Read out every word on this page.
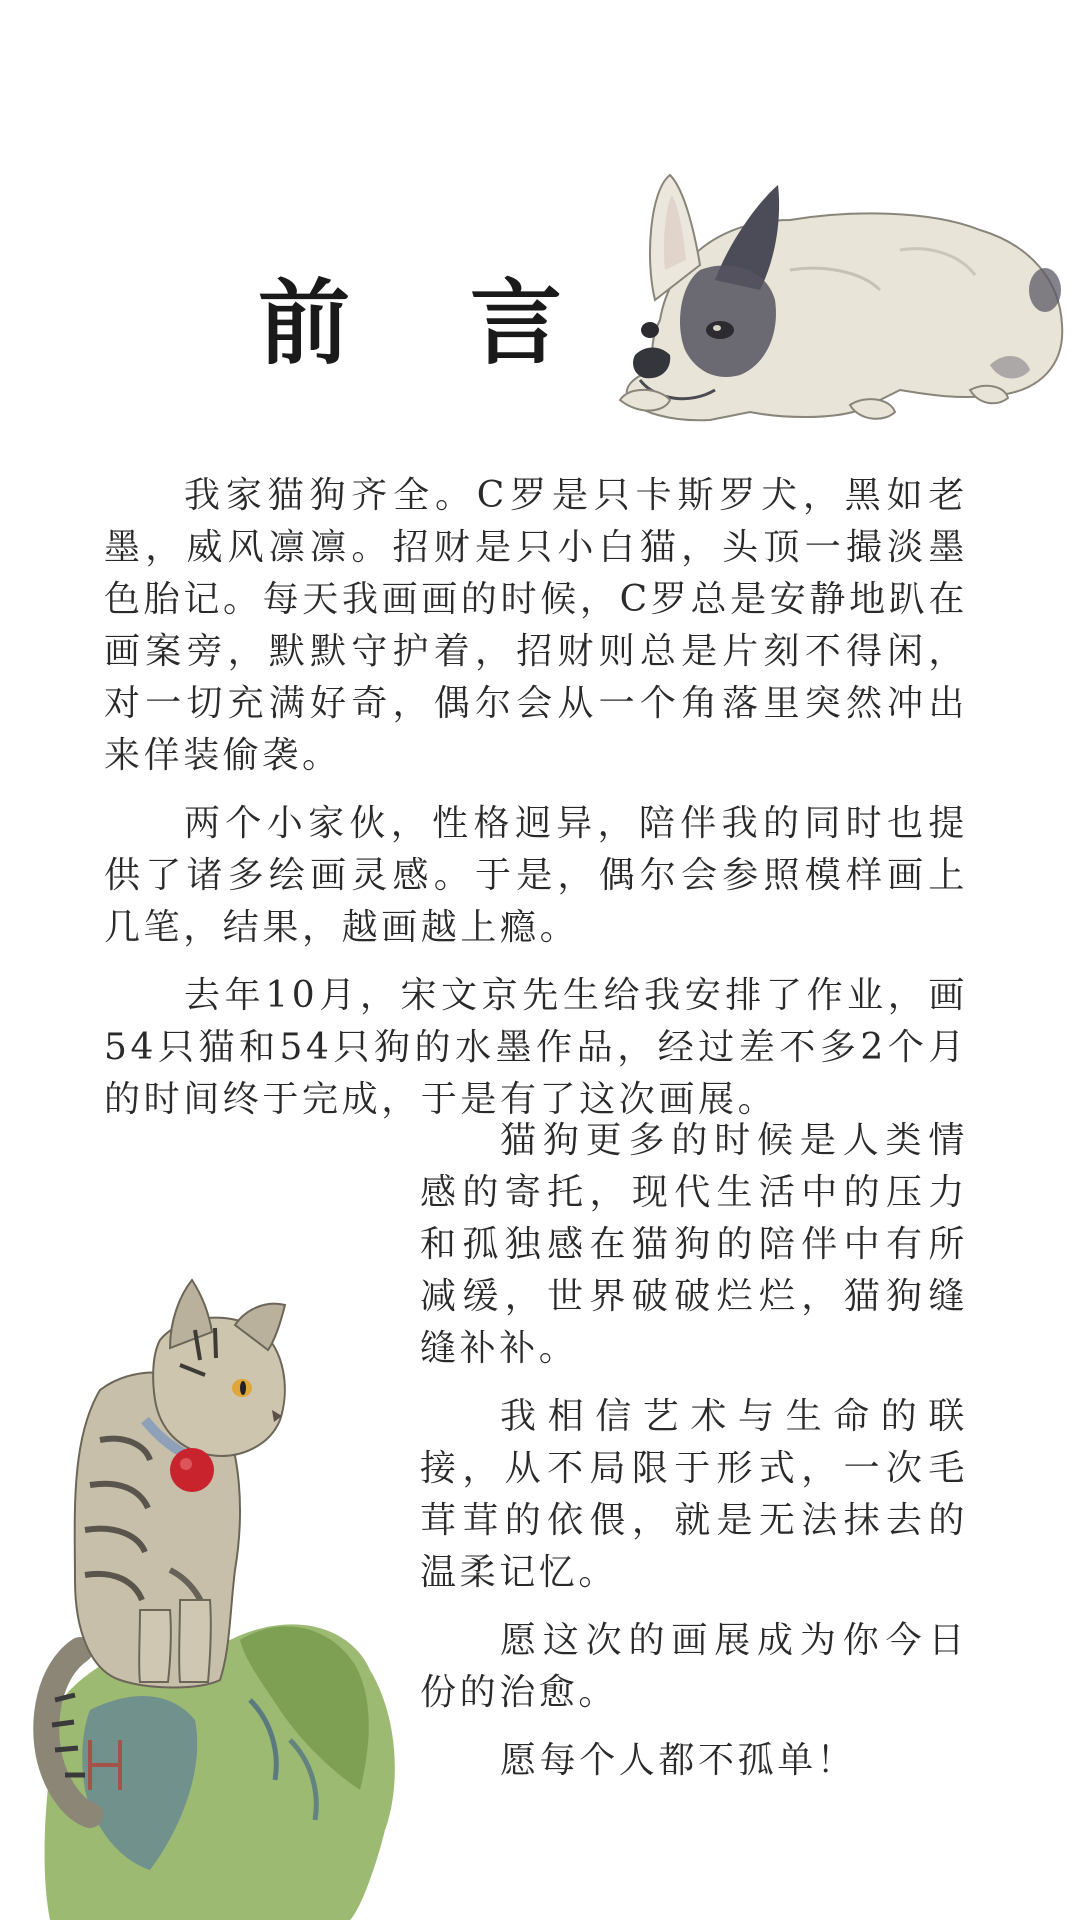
前 言

我家猫狗齐全。C罗是只卡斯罗犬，黑如老墨，威风凛凛。招财是只小白猫，头顶一撮淡墨色胎记。每天我画画的时候，C罗总是安静地趴在画案旁，默默守护着，招财则总是片刻不得闲，对一切充满好奇，偶尔会从一个角落里突然冲出来佯装偷袭。

两个小家伙，性格迥异，陪伴我的同时也提供了诸多绘画灵感。于是，偶尔会参照模样画上几笔，结果，越画越上瘾。

去年10月，宋文京先生给我安排了作业，画54只猫和54只狗的水墨作品，经过差不多2个月的时间终于完成，于是有了这次画展。

猫狗更多的时候是人类情感的寄托，现代生活中的压力和孤独感在猫狗的陪伴中有所减缓，世界破破烂烂，猫狗缝缝补补。

我相信艺术与生命的联接，从不局限于形式，一次毛茸茸的依偎，就是无法抹去的温柔记忆。

愿这次的画展成为你今日份的治愈。

愿每个人都不孤单！
